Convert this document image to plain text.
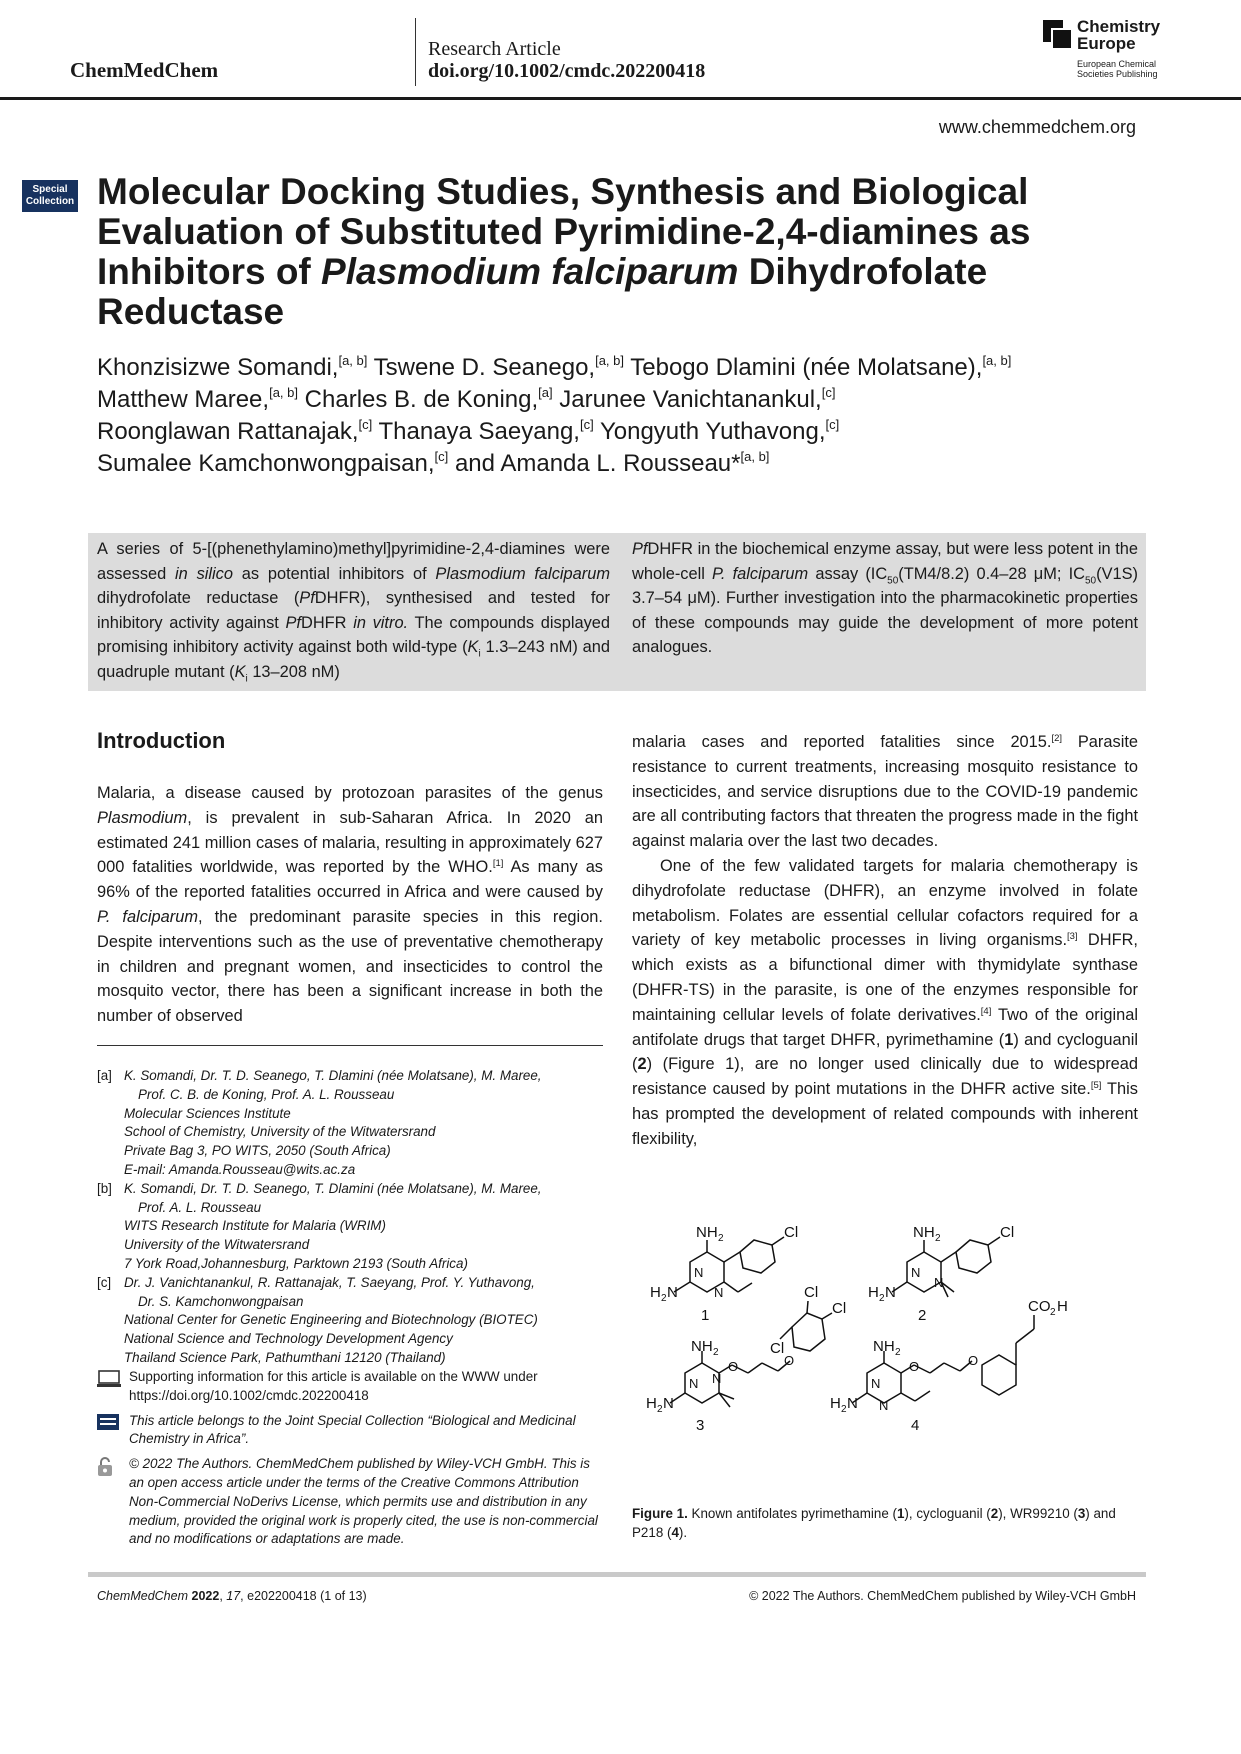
ChemMedChem
Research Article
doi.org/10.1002/cmdc.202200418
Chemistry
Europe
European Chemical
Societies Publishing
www.chemmedchem.org
Special
Collection Molecular Docking Studies, Synthesis and Biological Evaluation of Substituted Pyrimidine-2,4-diamines as Inhibitors of Plasmodium falciparum Dihydrofolate Reductase
Khonzisizwe Somandi,[a, b] Tswene D. Seanego,[a, b] Tebogo Dlamini (née Molatsane),[a, b]
Matthew Maree,[a, b] Charles B. de Koning,[a] Jarunee Vanichtanankul,[c]
Roonglawan Rattanajak,[c] Thanaya Saeyang,[c] Yongyuth Yuthavong,[c]
Sumalee Kamchonwongpaisan,[c] and Amanda L. Rousseau*[a, b]
A series of 5-[(phenethylamino)methyl]pyrimidine-2,4-diamines were assessed in silico as potential inhibitors of Plasmodium falciparum dihydrofolate reductase (PfDHFR), synthesised and tested for inhibitory activity against PfDHFR in vitro. The compounds displayed promising inhibitory activity against both wild-type ($K_i$ 1.3–243 nM) and quadruple mutant ($K_i$ 13–208 nM)
PfDHFR in the biochemical enzyme assay, but were less potent in the whole-cell P. falciparum assay ($IC_{50}(TM4/8.2)$ 0.4–28 μM; $IC_{50}(V1S)$ 3.7–54 μM). Further investigation into the pharmacokinetic properties of these compounds may guide the development of more potent analogues.
Introduction

Malaria, a disease caused by protozoan parasites of the genus Plasmodium, is prevalent in sub-Saharan Africa. In 2020 an estimated 241 million cases of malaria, resulting in approximately 627 000 fatalities worldwide, was reported by the WHO.[1] As many as 96% of the reported fatalities occurred in Africa and were caused by P. falciparum, the predominant parasite species in this region. Despite interventions such as the use of preventative chemotherapy in children and pregnant women, and insecticides to control the mosquito vector, there has been a significant increase in both the number of observed

malaria cases and reported fatalities since 2015.[2] Parasite resistance to current treatments, increasing mosquito resistance to insecticides, and service disruptions due to the COVID-19 pandemic are all contributing factors that threaten the progress made in the fight against malaria over the last two decades.

One of the few validated targets for malaria chemotherapy is dihydrofolate reductase (DHFR), an enzyme involved in folate metabolism. Folates are essential cellular cofactors required for a variety of key metabolic processes in living organisms.[3] DHFR, which exists as a bifunctional dimer with thymidylate synthase (DHFR-TS) in the parasite, is one of the enzymes responsible for maintaining cellular levels of folate derivatives.[4] Two of the original antifolate drugs that target DHFR, pyrimethamine (1) and cycloguanil (2) (Figure 1), are no longer used clinically due to widespread resistance caused by point mutations in the DHFR active site.[5] This has prompted the development of related compounds with inherent flexibility,

[a] K. Somandi, Dr. T. D. Seanego, T. Dlamini (née Molatsane), M. Maree,
Prof. C. B. de Koning, Prof. A. L. Rousseau
Molecular Sciences Institute
School of Chemistry, University of the Witwatersrand
Private Bag 3, PO WITS, 2050 (South Africa)
E-mail: Amanda.Rousseau@wits.ac.za
[b] K. Somandi, Dr. T. D. Seanego, T. Dlamini (née Molatsane), M. Maree,
Prof. A. L. Rousseau
WITS Research Institute for Malaria (WRIM)
University of the Witwatersrand
7 York Road,Johannesburg, Parktown 2193 (South Africa)
[c] Dr. J. Vanichtanankul, R. Rattanajak, T. Saeyang, Prof. Y. Yuthavong,
Dr. S. Kamchonwongpaisan
National Center for Genetic Engineering and Biotechnology (BIOTEC)
National Science and Technology Development Agency
Thailand Science Park, Pathumthani 12120 (Thailand)
Supporting information for this article is available on the WWW under https://doi.org/10.1002/cmdc.202200418
This article belongs to the Joint Special Collection “Biological and Medicinal Chemistry in Africa”.
© 2022 The Authors. ChemMedChem published by Wiley-VCH GmbH. This is an open access article under the terms of the Creative Commons Attribution Non-Commercial NoDerivs License, which permits use and distribution in any medium, provided the original work is properly cited, the use is non-commercial and no modifications or adaptations are made.
NH 2	Cl
N
N
H 2 N
1
NH 2	Cl
N
N
H 2 N
2
Cl
Cl
Cl
NH 2
N N
O	O
H 2 N
3
NH 2
N
N
O	O
CO 2 H
H 2 N
4
Figure 1. Known antifolates pyrimethamine (1), cycloguanil (2), WR99210 (3) and P218 (4).
ChemMedChem 2022, 17, e202200418 (1 of 13)	© 2022 The Authors. ChemMedChem published by Wiley-VCH GmbH
